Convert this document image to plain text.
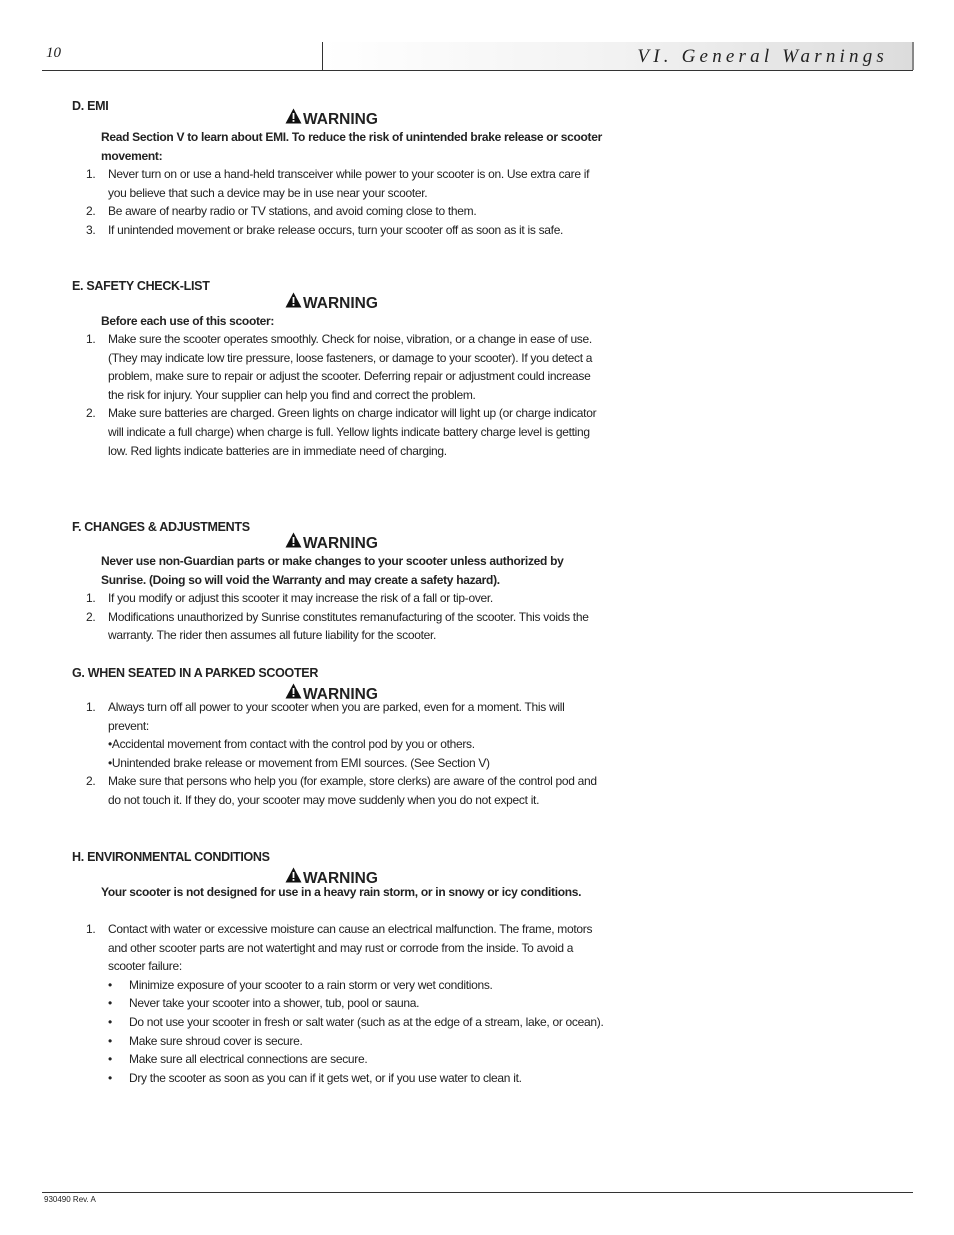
10	VI. General Warnings
D. EMI
WARNING
Read Section V to learn about EMI. To reduce the risk of unintended brake release or scooter movement:
1.	Never turn on or use a hand-held transceiver while power to your scooter is on. Use extra care if you believe that such a device may be in use near your scooter.
2.	Be aware of nearby radio or TV stations, and avoid coming close to them.
3.	If unintended movement or brake release occurs, turn your scooter off as soon as it is safe.
E. SAFETY CHECK-LIST
WARNING
Before each use of this scooter:
1.	Make sure the scooter operates smoothly. Check for noise, vibration, or a change in ease of use. (They may indicate low tire pressure, loose fasteners, or damage to your scooter). If you detect a problem, make sure to repair or adjust the scooter. Deferring repair or adjustment could increase the risk for injury. Your supplier can help you find and correct the problem.
2.	Make sure batteries are charged. Green lights on charge indicator will light up (or charge indicator will indicate a full charge) when charge is full. Yellow lights indicate battery charge level is getting low. Red lights indicate batteries are in immediate need of charging.
F. CHANGES & ADJUSTMENTS
WARNING
Never use non-Guardian parts or make changes to your scooter unless authorized by Sunrise. (Doing so will void the Warranty and may create a safety hazard).
1.	If you modify or adjust this scooter it may increase the risk of a fall or tip-over.
2.	Modifications unauthorized by Sunrise constitutes remanufacturing of the scooter. This voids the warranty. The rider then assumes all future liability for the scooter.
G. WHEN SEATED IN A PARKED SCOOTER
WARNING
1.	Always turn off all power to your scooter when you are parked, even for a moment. This will prevent:
•Accidental movement from contact with the control pod by you or others.
•Unintended brake release or movement from EMI sources. (See Section V)
2.	Make sure that persons who help you (for example, store clerks) are aware of the control pod and do not touch it. If they do, your scooter may move suddenly when you do not expect it.
H. ENVIRONMENTAL CONDITIONS
WARNING
Your scooter is not designed for use in a heavy rain storm, or in snowy or icy conditions.
1.	Contact with water or excessive moisture can cause an electrical malfunction. The frame, motors and other scooter parts are not watertight and may rust or corrode from the inside. To avoid a scooter failure:
•	Minimize exposure of your scooter to a rain storm or very wet conditions.
•	Never take your scooter into a shower, tub, pool or sauna.
•	Do not use your scooter in fresh or salt water (such as at the edge of a stream, lake, or ocean).
•	Make sure shroud cover is secure.
•	Make sure all electrical connections are secure.
•	Dry the scooter as soon as you can if it gets wet, or if you use water to clean it.
930490 Rev. A
